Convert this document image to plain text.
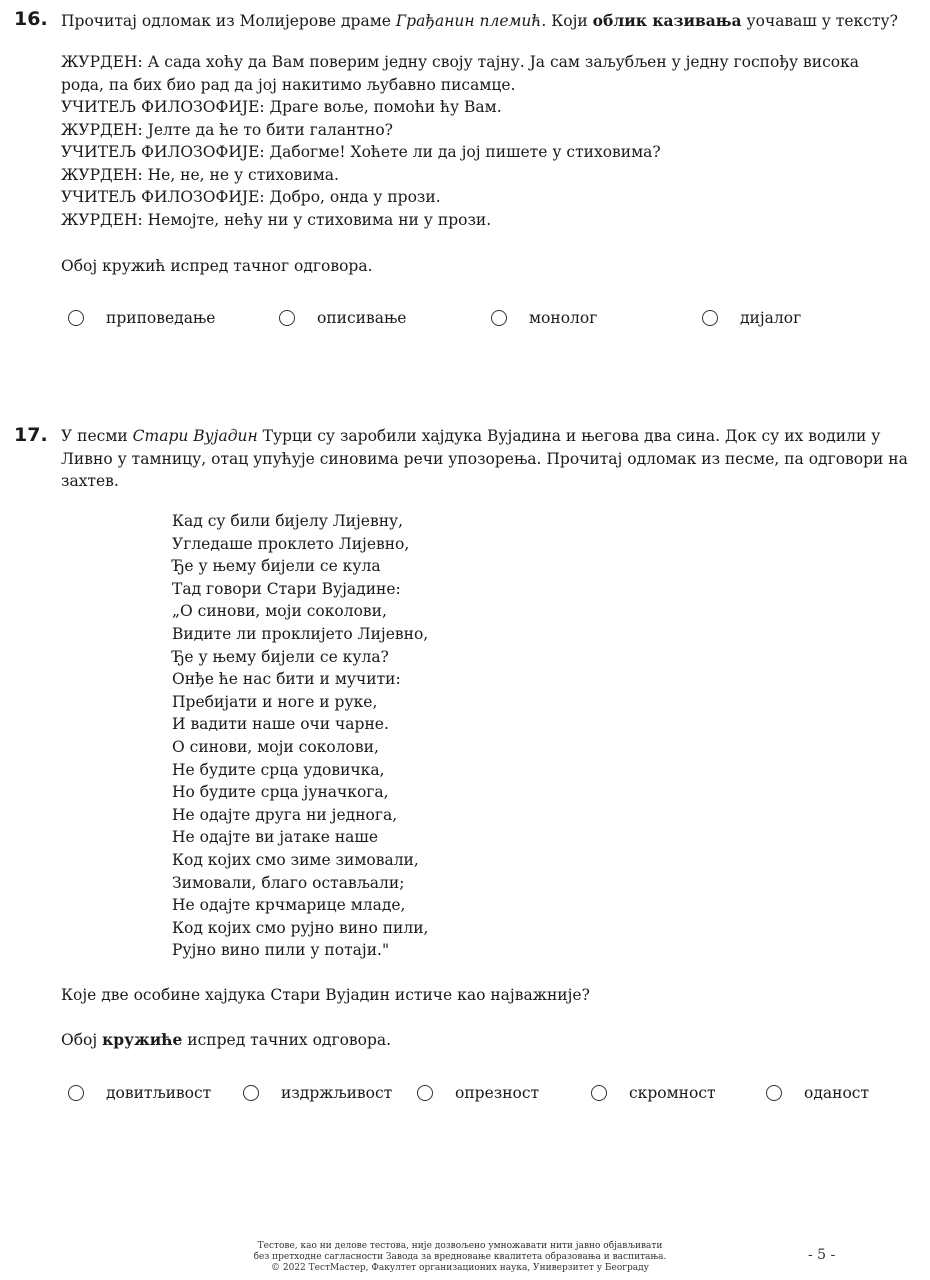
16. Прочитај одломак из Молијерове драме Грађанин племић. Који облик казивања уочаваш у тексту?

ЖУРДЕН: А сада хоћу да Вам поверим једну своју тајну. Ја сам заљубљен у једну госпођу висока
рода, па бих био рад да јој накитимо љубавно писамце.
УЧИТЕЉ ФИЛОЗОФИЈЕ: Драге воље, помоћи ћу Вам.
ЖУРДЕН: Јелте да ће то бити галантно?
УЧИТЕЉ ФИЛОЗОФИЈЕ: Дабогме! Хоћете ли да јој пишете у стиховима?
ЖУРДЕН: Не, не, не у стиховима.
УЧИТЕЉ ФИЛОЗОФИЈЕ: Добро, онда у прози.
ЖУРДЕН: Немојте, нећу ни у стиховима ни у прози.
Обој кружић испред тачног одговора.
приповедање	описивање	монолог	дијалог
17. У песми Стари Вујадин Турци су заробили хајдука Вујадина и његова два сина. Док су их водили у Ливно у тамницу, отац упућује синовима речи упозорења. Прочитај одломак из песме, па одговори на захтев.

Кад су били бијелу Лијевну,
Угледаше проклето Лијевно,
Ђе у њему бијели се кула
Тад говори Стари Вујадине:
„О синови, моји соколови,
Видите ли проклијето Лијевно,
Ђе у њему бијели се кула?
Онђе ће нас бити и мучити:
Пребијати и ноге и руке,
И вадити наше очи чарне.
О синови, моји соколови,
Не будите срца удовичка,
Но будите срца јуначкога,
Не одајте друга ни једнога,
Не одајте ви јатаке наше
Код којих смо зиме зимовали,
Зимовали, благо остављали;
Не одајте крчмарице младе,
Код којих смо рујно вино пили,
Рујно вино пили у потаји."
Које две особине хајдука Стари Вујадин истиче као најважније?

Обој кружиће испред тачних одговора.

довитљивост	издржљивост	опрезност	скромност	оданост
Тестове, као ни делове тестова, није дозвољено умножавати нити јавно објављивати
без претходне сагласности Завода за вредновање квалитета образовања и васпитања.
© 2022 ТестМастер, Факултет организационих наука, Универзитет у Београду
- 5 -
